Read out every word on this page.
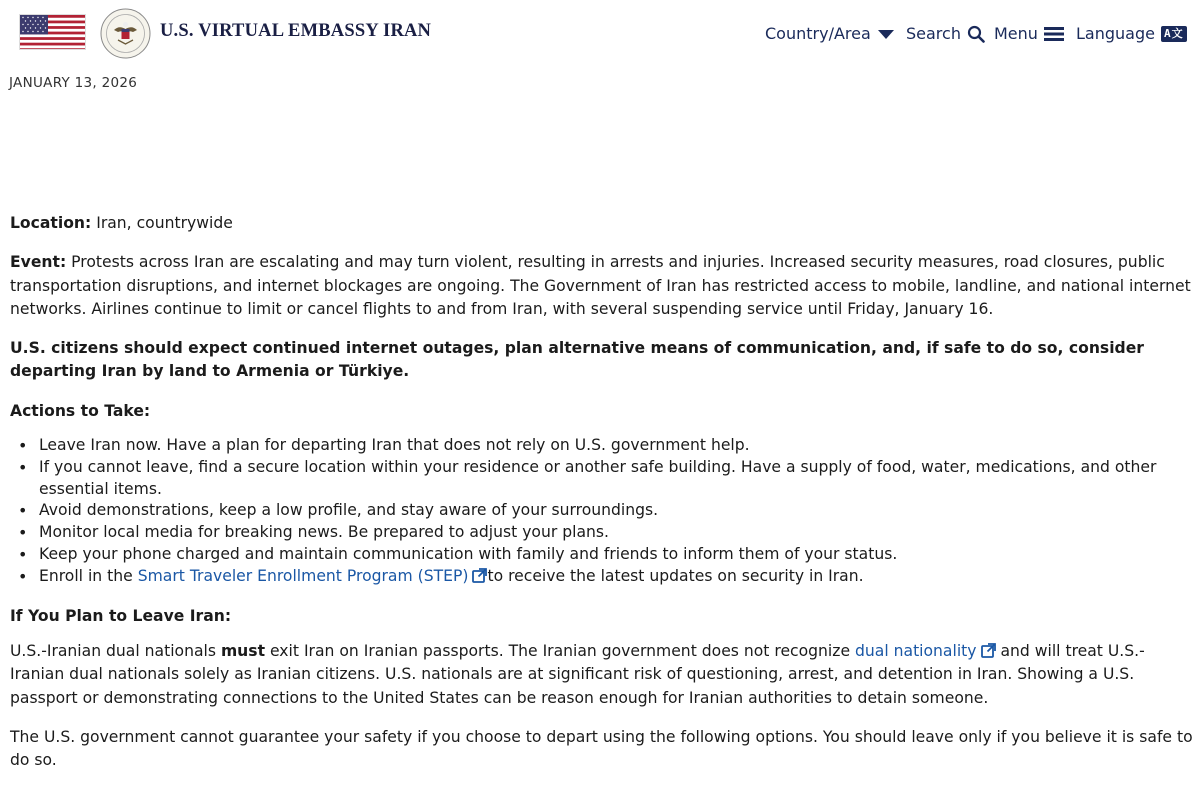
U.S. VIRTUAL EMBASSY IRAN	Country/Area Search Menu Language A文
JANUARY 13, 2026

Location: Iran, countrywide

Event: Protests across Iran are escalating and may turn violent, resulting in arrests and injuries. Increased security measures, road closures, public transportation disruptions, and internet blockages are ongoing. The Government of Iran has restricted access to mobile, landline, and national internet networks. Airlines continue to limit or cancel flights to and from Iran, with several suspending service until Friday, January 16.

U.S. citizens should expect continued internet outages, plan alternative means of communication, and, if safe to do so, consider departing Iran by land to Armenia or Türkiye.

Actions to Take:

• Leave Iran now. Have a plan for departing Iran that does not rely on U.S. government help.
• If you cannot leave, find a secure location within your residence or another safe building. Have a supply of food, water, medications, and other essential items.
• Avoid demonstrations, keep a low profile, and stay aware of your surroundings.
• Monitor local media for breaking news. Be prepared to adjust your plans.
• Keep your phone charged and maintain communication with family and friends to inform them of your status.
• Enroll in the Smart Traveler Enrollment Program (STEP) to receive the latest updates on security in Iran.

If You Plan to Leave Iran:

U.S.-Iranian dual nationals must exit Iran on Iranian passports. The Iranian government does not recognize dual nationality and will treat U.S.-Iranian dual nationals solely as Iranian citizens. U.S. nationals are at significant risk of questioning, arrest, and detention in Iran. Showing a U.S. passport or demonstrating connections to the United States can be reason enough for Iranian authorities to detain someone.

The U.S. government cannot guarantee your safety if you choose to depart using the following options. You should leave only if you believe it is safe to do so.
